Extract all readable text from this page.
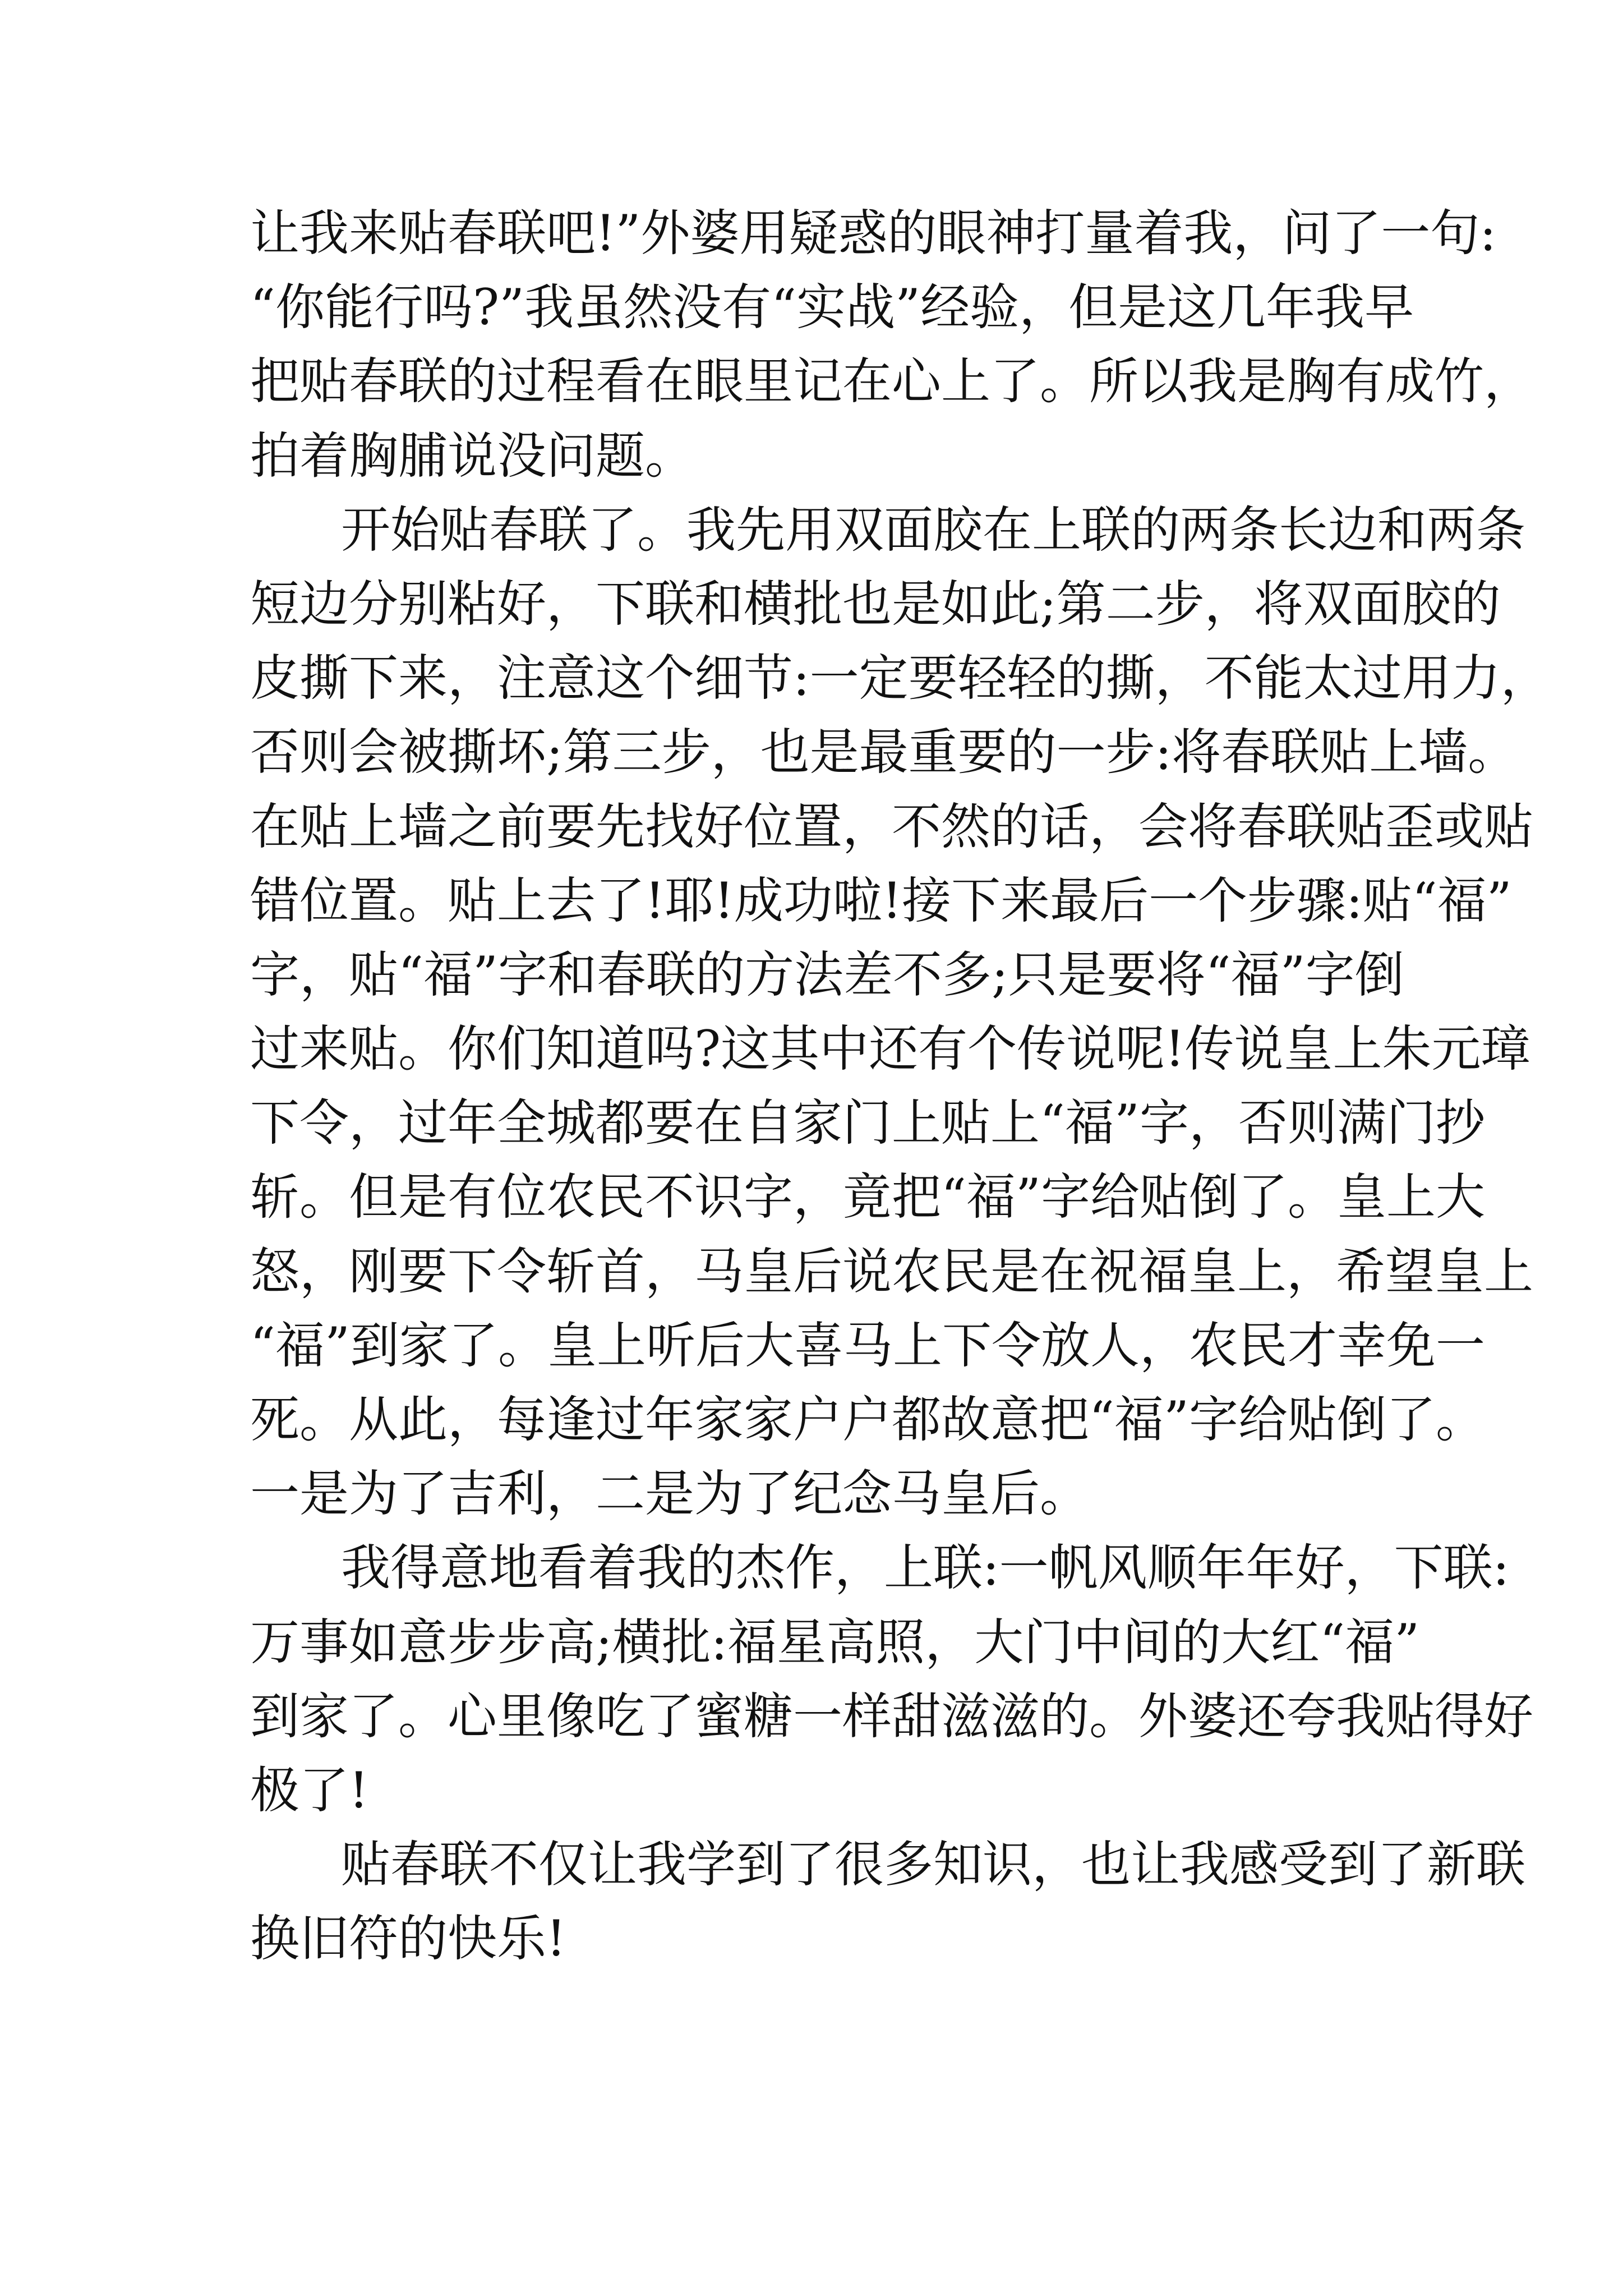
让我来贴春联吧!”外婆用疑惑的眼神打量着我，问了一句:
“你能行吗?”我虽然没有“实战”经验，但是这几年我早
把贴春联的过程看在眼里记在心上了。所以我是胸有成竹，
拍着胸脯说没问题。
开始贴春联了。我先用双面胶在上联的两条长边和两条
短边分别粘好，下联和横批也是如此;第二步，将双面胶的
皮撕下来，注意这个细节:一定要轻轻的撕，不能太过用力，
否则会被撕坏;第三步，也是最重要的一步:将春联贴上墙。
在贴上墙之前要先找好位置，不然的话，会将春联贴歪或贴
错位置。贴上去了!耶!成功啦!接下来最后一个步骤:贴“福”
字，贴“福”字和春联的方法差不多;只是要将“福”字倒
过来贴。你们知道吗?这其中还有个传说呢!传说皇上朱元璋
下令，过年全城都要在自家门上贴上“福”字，否则满门抄
斩。但是有位农民不识字，竟把“福”字给贴倒了。皇上大
怒，刚要下令斩首，马皇后说农民是在祝福皇上，希望皇上
“福”到家了。皇上听后大喜马上下令放人，农民才幸免一
死。从此，每逢过年家家户户都故意把“福”字给贴倒了。
一是为了吉利，二是为了纪念马皇后。
我得意地看着我的杰作，上联:一帆风顺年年好，下联:
万事如意步步高;横批:福星高照，大门中间的大红“福”
到家了。心里像吃了蜜糖一样甜滋滋的。外婆还夸我贴得好
极了!
贴春联不仅让我学到了很多知识，也让我感受到了新联
换旧符的快乐!
